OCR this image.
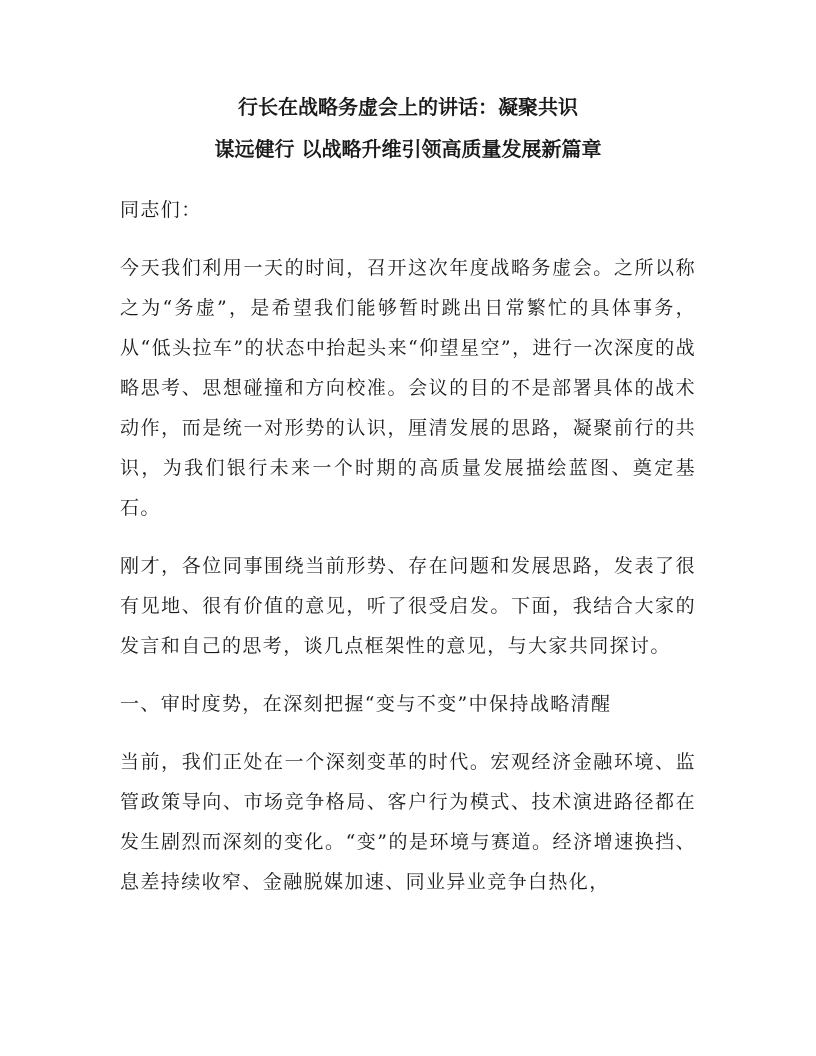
行长在战略务虚会上的讲话：凝聚共识
谋远健行 以战略升维引领高质量发展新篇章

同志们：

今天我们利用一天的时间，召开这次年度战略务虚会。之所以称之为“务虚”，是希望我们能够暂时跳出日常繁忙的具体事务，从“低头拉车”的状态中抬起头来“仰望星空”，进行一次深度的战略思考、思想碰撞和方向校准。会议的目的不是部署具体的战术动作，而是统一对形势的认识，厘清发展的思路，凝聚前行的共识，为我们银行未来一个时期的高质量发展描绘蓝图、奠定基石。

刚才，各位同事围绕当前形势、存在问题和发展思路，发表了很有见地、很有价值的意见，听了很受启发。下面，我结合大家的发言和自己的思考，谈几点框架性的意见，与大家共同探讨。

一、审时度势，在深刻把握“变与不变”中保持战略清醒

当前，我们正处在一个深刻变革的时代。宏观经济金融环境、监管政策导向、市场竞争格局、客户行为模式、技术演进路径都在发生剧烈而深刻的变化。“变”的是环境与赛道。经济增速换挡、息差持续收窄、金融脱媒加速、同业异业竞争白热化，
